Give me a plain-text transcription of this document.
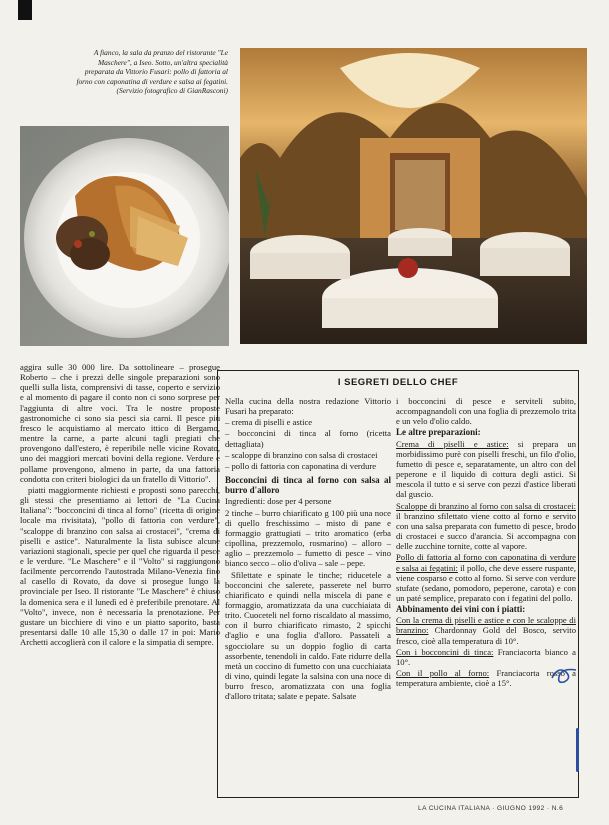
A fianco, la sala da pranzo del ristorante "Le Maschere", a Iseo. Sotto, un'altra specialità preparata da Vittorio Fusari: pollo di fattoria al forno con caponatina di verdure e salsa ai fegatini. (Servizio fotografico di GianRasconi)

aggira sulle 30 000 lire. Da sottolineare – prosegue Roberto – che i prezzi delle singole preparazioni sono quelli sulla lista, comprensivi di tasse, coperto e servizio e al momento di pagare il conto non ci sono sorprese per l'aggiunta di altre voci. Tra le nostre proposte gastronomiche ci sono sia pesci sia carni. Il pesce più fresco le acquistiamo al mercato ittico di Bergamo, mentre la carne, a parte alcuni tagli pregiati che provengono dall'estero, è reperibile nelle vicine Rovato, uno dei maggiori mercati bovini della regione. Verdure e pollame provengono, almeno in parte, da una fattoria condotta con criteri biologici da un fratello di Vittorio".

piatti maggiormente richiesti e proposti sono parecchi, gli stessi che presentiamo ai lettori de "La Cucina Italiana": "bocconcini di tinca al forno" (ricetta di origine locale ma rivisitata), "pollo di fattoria con verdure", "scaloppe di branzino con salsa ai crostacei", "crema di piselli e astice". Naturalmente la lista subisce alcune variazioni stagionali, specie per quel che riguarda il pesce e le verdure. "Le Maschere" e il "Volto" si raggiungono facilmente percorrendo l'autostrada Milano-Venezia fino al casello di Rovato, da dove si prosegue lungo la provinciale per Iseo. Il ristorante "Le Maschere" è chiuso la domenica sera e il lunedì ed è preferibile prenotare. Al "Volto", invece, non è necessaria la prenotazione. Per gustare un bicchiere di vino e un piatto saporito, basta presentarsi dalle 10 alle 15,30 o dalle 17 in poi: Mario Archetti accoglierà con il calore e la simpatia di sempre.

I SEGRETI DELLO CHEF

Nella cucina della nostra redazione Vittorio Fusari ha preparato:

– crema di piselli e astice

– bocconcini di tinca al forno (ricetta dettagliata)

– scaloppe di branzino con salsa di crostacei

– pollo di fattoria con caponatina di verdure

Bocconcini di tinca al forno con salsa al burro d'alloro

Ingredienti: dose per 4 persone

2 tinche – burro chiarificato g 100 più una noce di quello freschissimo – misto di pane e formaggio grattugiati – trito aromatico (erba cipollina, prezzemolo, rosmarino) – alloro – aglio – prezzemolo – fumetto di pesce – vino bianco secco – olio d'oliva – sale – pepe.

Sfilettate e spinate le tinche; riducetele a bocconcini che salerete, passerete nel burro chiarificato e quindi nella miscela di pane e formaggio, aromatizzata da una cucchiaiata di trito. Cuoceteli nel forno riscaldato al massimo, con il burro chiarificato rimasto, 2 spicchi d'aglio e una foglia d'alloro. Passateli a sgocciolare su un doppio foglio di carta assorbente, tenendoli in caldo. Fate ridurre della metà un coccino di fumetto con una cucchiaiata di vino, quindi legate la salsina con una noce di burro fresco, aromatizzata con una foglia d'alloro tritata; salate e pepate. Salsate

i bocconcini di pesce e serviteli subito, accompagnandoli con una foglia di prezzemolo trita e un velo d'olio caldo.

Le altre preparazioni:

Crema di piselli e astice: si prepara un morbidissimo purè con piselli freschi, un filo d'olio, fumetto di pesce e, separatamente, un altro con del peperone e il liquido di cottura degli astici. Si mescola il tutto e si serve con pezzi d'astice liberati dal guscio.

Scaloppe di branzino al forno con salsa di crostacei: il branzino sfilettato viene cotto al forno e servito con una salsa preparata con fumetto di pesce, brodo di crostacei e succo d'arancia. Si accompagna con delle zucchine tornite, cotte al vapore.

Pollo di fattoria al forno con caponatina di verdure e salsa ai fegatini: il pollo, che deve essere ruspante, viene cosparso e cotto al forno. Si serve con verdure stufate (sedano, pomodoro, peperone, carota) e con un paté semplice, preparato con i fegatini del pollo.

Abbinamento dei vini con i piatti:

Con la crema di piselli e astice e con le scaloppe di branzino: Chardonnay Gold del Bosco, servito fresco, cioè alla temperatura di 10°.

Con i bocconcini di tinca: Franciacorta bianco a 10°.

Con il pollo al forno: Franciacorta rosso a temperatura ambiente, cioè a 15°.

LA CUCINA ITALIANA · GIUGNO 1992 · N.6
